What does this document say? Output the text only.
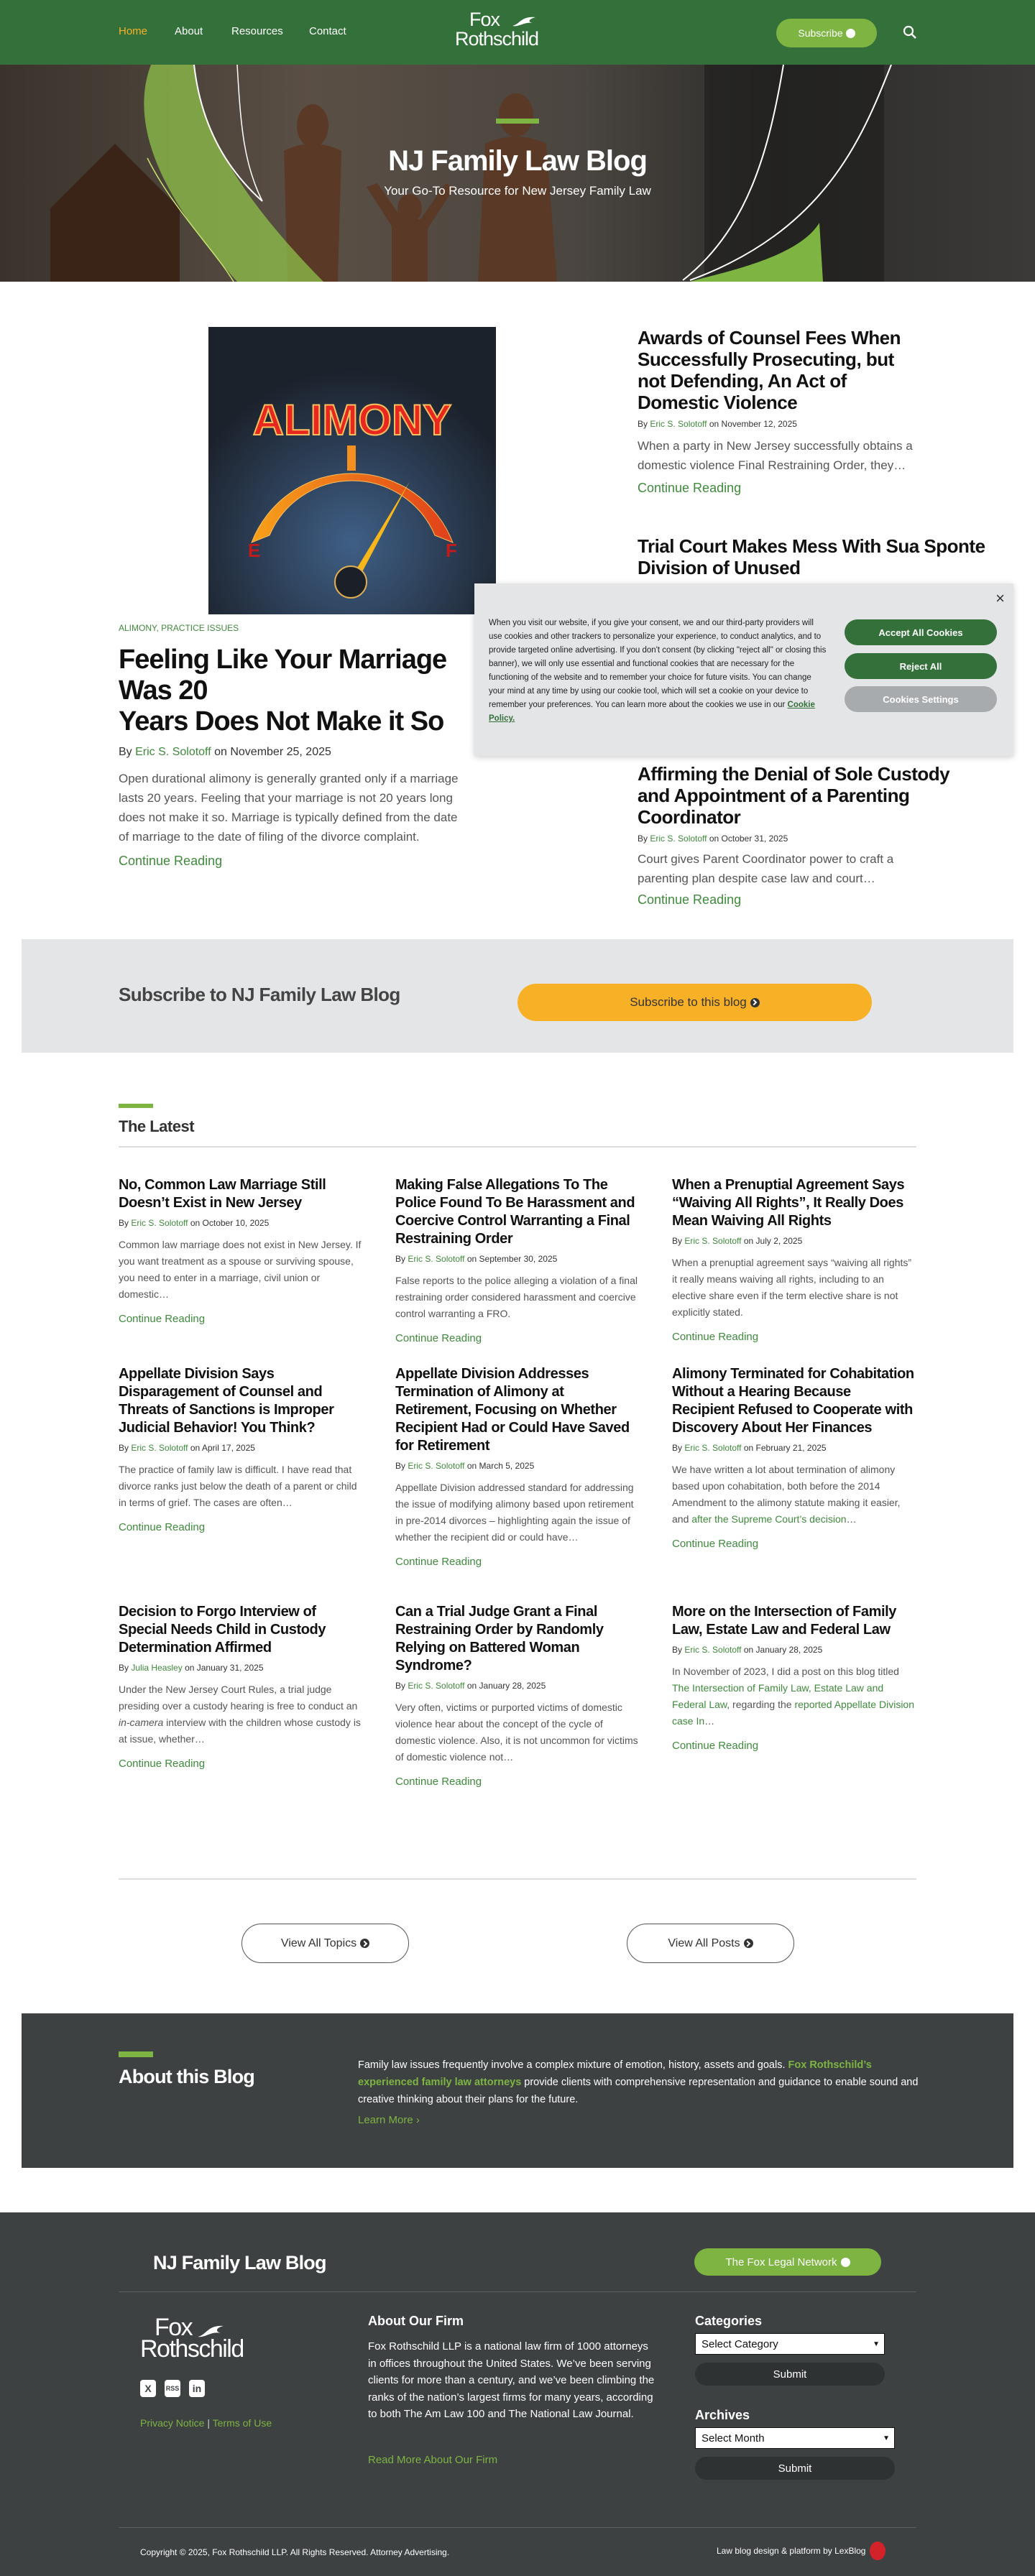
Home	About	Resources Contact
Fox
Rothschild	Subscribe
NJ Family Law Blog

Your Go-To Resource for New Jersey Family Law

ALIMONY
E	F
ALIMONY, PRACTICE ISSUES
Feeling Like Your Marriage Was 20
Years Does Not Make it So
By Eric S. Solotoff on November 25, 2025

Open durational alimony is generally granted only if a marriage lasts 20 years. Feeling that your marriage is not 20 years long does not make it so. Marriage is typically defined from the date of marriage to the date of filing of the divorce complaint.

Continue Reading
Awards of Counsel Fees When Successfully Prosecuting, but not Defending, An Act of Domestic Violence
By Eric S. Solotoff on November 12, 2025

When a party in New Jersey successfully obtains a domestic violence Final Restraining Order, they…

Continue Reading
Trial Court Makes Mess With Sua Sponte Division of Unused
Affirming the Denial of Sole Custody and Appointment of a Parenting Coordinator
By Eric S. Solotoff on October 31, 2025

Court gives Parent Coordinator power to craft a parenting plan despite case law and court…

Continue Reading
×

When you visit our website, if you give your consent, we and our third-party providers will use cookies and other trackers to personalize your experience, to conduct analytics, and to provide targeted online advertising. If you don't consent (by clicking "reject all" or closing this banner), we will only use essential and functional cookies that are necessary for the functioning of the website and to remember your choice for future visits. You can change your mind at any time by using our cookie tool, which will set a cookie on your device to remember your preferences. You can learn more about the cookies we use in our Cookie Policy.

Accept All Cookies
Reject All
Cookies Settings
Subscribe to NJ Family Law Blog	Subscribe to this blog
The Latest
No, Common Law Marriage Still Doesn’t Exist in New Jersey
By Eric S. Solotoff on October 10, 2025

Common law marriage does not exist in New Jersey. If you want treatment as a spouse or surviving spouse, you need to enter in a marriage, civil union or domestic…

Continue Reading
Making False Allegations To The Police Found To Be Harassment and Coercive Control Warranting a Final Restraining Order
By Eric S. Solotoff on September 30, 2025

False reports to the police alleging a violation of a final restraining order considered harassment and coercive control warranting a FRO.

Continue Reading
When a Prenuptial Agreement Says “Waiving All Rights”, It Really Does Mean Waiving All Rights
By Eric S. Solotoff on July 2, 2025

When a prenuptial agreement says “waiving all rights” it really means waiving all rights, including to an elective share even if the term elective share is not explicitly stated.

Continue Reading
Appellate Division Says Disparagement of Counsel and Threats of Sanctions is Improper Judicial Behavior! You Think?
By Eric S. Solotoff on April 17, 2025

The practice of family law is difficult. I have read that divorce ranks just below the death of a parent or child in terms of grief. The cases are often…

Continue Reading
Appellate Division Addresses Termination of Alimony at Retirement, Focusing on Whether Recipient Had or Could Have Saved for Retirement
By Eric S. Solotoff on March 5, 2025

Appellate Division addressed standard for addressing the issue of modifying alimony based upon retirement in pre-2014 divorces – highlighting again the issue of whether the recipient did or could have…

Continue Reading
Alimony Terminated for Cohabitation Without a Hearing Because Recipient Refused to Cooperate with Discovery About Her Finances
By Eric S. Solotoff on February 21, 2025

We have written a lot about termination of alimony based upon cohabitation, both before the 2014 Amendment to the alimony statute making it easier, and after the Supreme Court’s decision…

Continue Reading
Decision to Forgo Interview of Special Needs Child in Custody Determination Affirmed
By Julia Heasley on January 31, 2025

Under the New Jersey Court Rules, a trial judge presiding over a custody hearing is free to conduct an in-camera interview with the children whose custody is at issue, whether…

Continue Reading
Can a Trial Judge Grant a Final Restraining Order by Randomly Relying on Battered Woman Syndrome?
By Eric S. Solotoff on January 28, 2025

Very often, victims or purported victims of domestic violence hear about the concept of the cycle of domestic violence. Also, it is not uncommon for victims of domestic violence not…

Continue Reading
More on the Intersection of Family Law, Estate Law and Federal Law
By Eric S. Solotoff on January 28, 2025

In November of 2023, I did a post on this blog titled The Intersection of Family Law, Estate Law and Federal Law, regarding the reported Appellate Division case In…

Continue Reading
View All Topics	View All Posts
About this Blog

Family law issues frequently involve a complex mixture of emotion, history, assets and goals. Fox Rothschild’s experienced family law attorneys provide clients with comprehensive representation and guidance to enable sound and creative thinking about their plans for the future.

Learn More ›
NJ Family Law Blog	The Fox Legal Network
Fox
Rothschild
X	RSS	in
Privacy Notice | Terms of Use
About Our Firm

Fox Rothschild LLP is a national law firm of 1000 attorneys in offices throughout the United States. We’ve been serving clients for more than a century, and we’ve been climbing the ranks of the nation’s largest firms for many years, according to both The Am Law 100 and The National Law Journal.

Read More About Our Firm
Categories
Select Category	▼
Submit
Archives
Select Month	▼
Submit

Copyright © 2025, Fox Rothschild LLP. All Rights Reserved. Attorney Advertising.	Law blog design & platform by LexBlog
